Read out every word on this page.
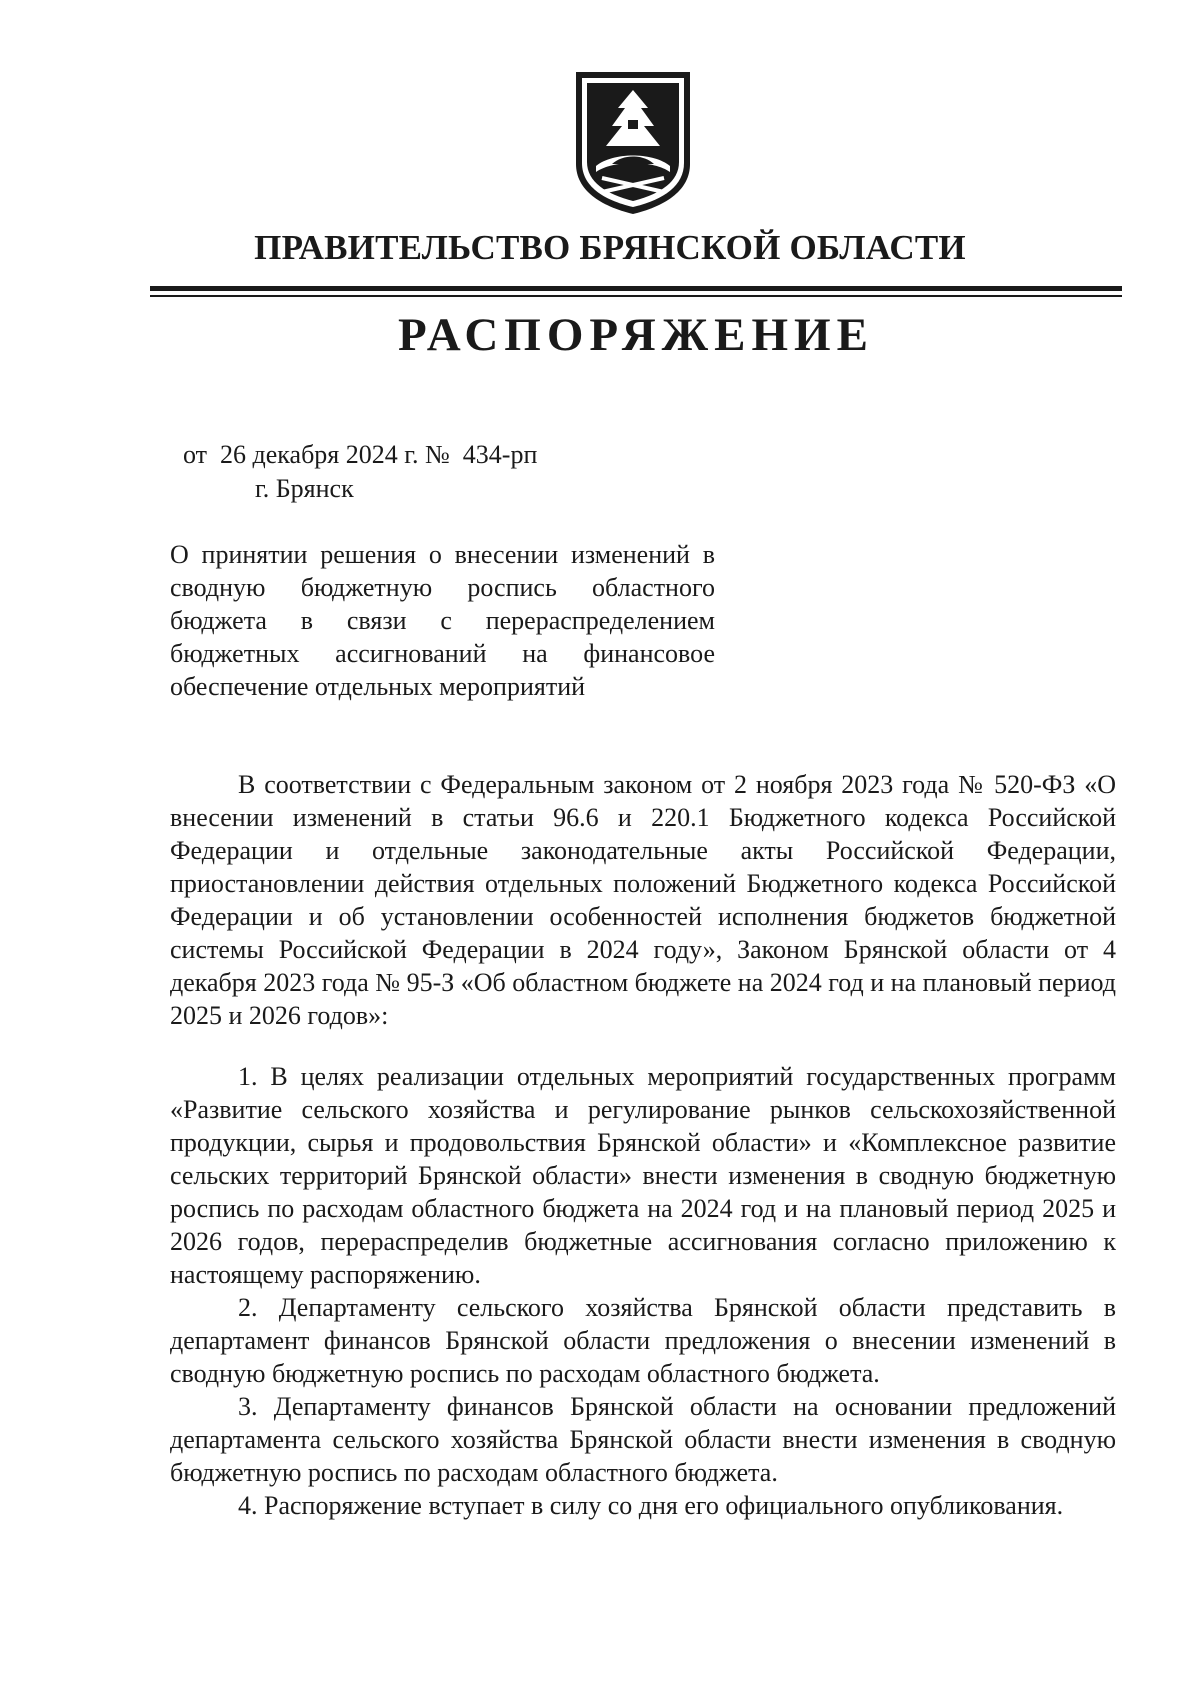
ПРАВИТЕЛЬСТВО БРЯНСКОЙ ОБЛАСТИ
РАСПОРЯЖЕНИЕ
от  26 декабря 2024 г. №  434-рп
г. Брянск
О принятии решения о внесении изменений в сводную бюджетную роспись областного бюджета в связи с перераспределением бюджетных ассигнований на финансовое обеспечение отдельных мероприятий
В соответствии с Федеральным законом от 2 ноября 2023 года № 520-ФЗ «О внесении изменений в статьи 96.6 и 220.1 Бюджетного кодекса Российской Федерации и отдельные законодательные акты Российской Федерации, приостановлении действия отдельных положений Бюджетного кодекса Российской Федерации и об установлении особенностей исполнения бюджетов бюджетной системы Российской Федерации в 2024 году», Законом Брянской области от 4 декабря 2023 года № 95-З «Об областном бюджете на 2024 год и на плановый период 2025 и 2026 годов»:

1. В целях реализации отдельных мероприятий государственных программ «Развитие сельского хозяйства и регулирование рынков сельскохозяйственной продукции, сырья и продовольствия Брянской области» и «Комплексное развитие сельских территорий Брянской области» внести изменения в сводную бюджетную роспись по расходам областного бюджета на 2024 год и на плановый период 2025 и 2026 годов, перераспределив бюджетные ассигнования согласно приложению к настоящему распоряжению.

2. Департаменту сельского хозяйства Брянской области представить в департамент финансов Брянской области предложения о внесении изменений в сводную бюджетную роспись по расходам областного бюджета.

3. Департаменту финансов Брянской области на основании предложений департамента сельского хозяйства Брянской области внести изменения в сводную бюджетную роспись по расходам областного бюджета.

4. Распоряжение вступает в силу со дня его официального опубликования.
